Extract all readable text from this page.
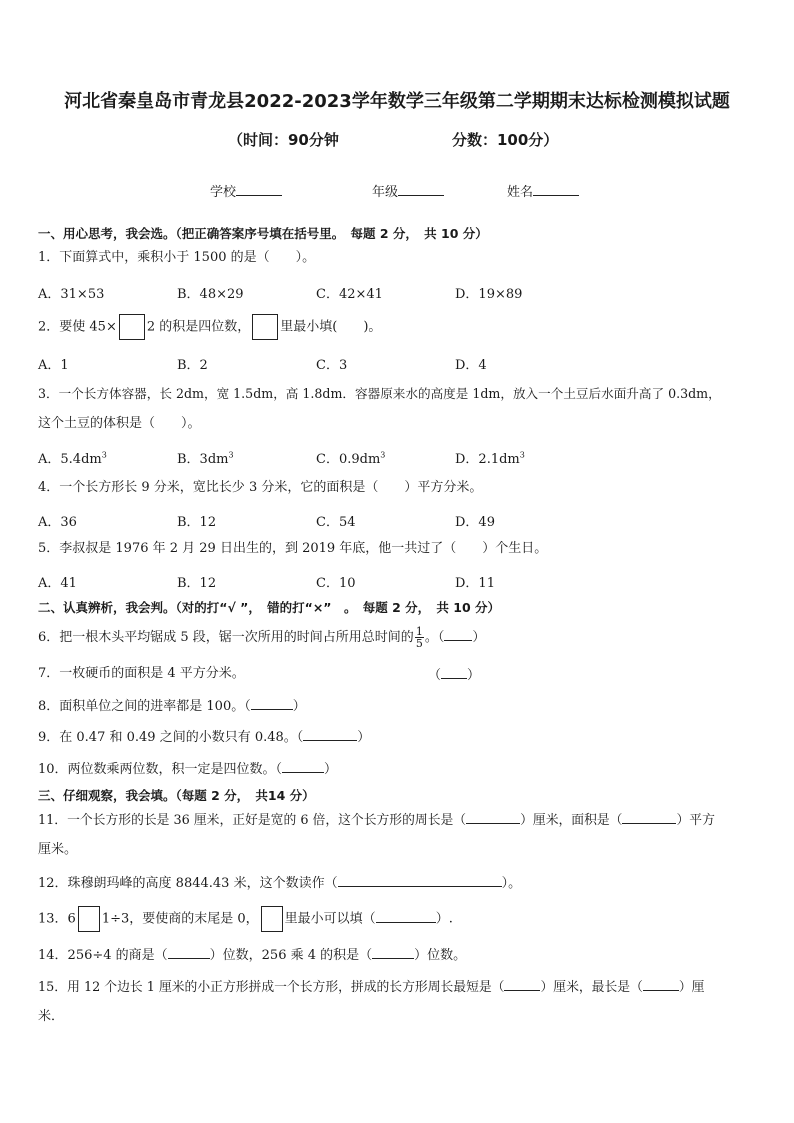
河北省秦皇岛市青龙县2022-2023学年数学三年级第二学期期末达标检测模拟试题
（时间：90分钟	分数：100分）
学校	年级	姓名
一、用心思考，我会选。（把正确答案序号填在括号里。　每题 2 分，　共 10 分）
1．下面算式中，乘积小于 1500 的是（　　）。
A．31×53	B．48×29	C．42×41	D．19×89
2．要使 45× 2 的积是四位数， 里最小填(　　)。
A．1	B．2	C．3	D．4
3．一个长方体容器，长 2dm，宽 1.5dm，高 1.8dm．容器原来水的高度是 1dm，放入一个土豆后水面升高了 0.3dm，
这个土豆的体积是（　　）。
A．$5.4dm^3$	B．$3dm^3$	C．$0.9dm^3$	D．$2.1dm^3$
4．一个长方形长 9 分米，宽比长少 3 分米，它的面积是（　　）平方分米。
A．36	B．12	C．54	D．49
5．李叔叔是 1976 年 2 月 29 日出生的，到 2019 年底，他一共过了（　　）个生日。
A．41	B．12	C．10	D．11
二、认真辨析，我会判。（对的打“√ ”，　错的打“×”　。　每题 2 分，　共 10 分）
6．把一根木头平均锯成 5 段，锯一次所用的时间占所用总时间的 $\frac{1}{5}$ 。（ ）
7．一枚硬币的面积是 4 平方分米。	（ ）
8．面积单位之间的进率都是 100。（	）
9．在 0.47 和 0.49 之间的小数只有 0.48。（	）
10．两位数乘两位数，积一定是四位数。（	）
三、仔细观察，我会填。（每题 2 分，　共14 分）
11．一个长方形的长是 36 厘米，正好是宽的 6 倍，这个长方形的周长是（	）厘米，面积是（	）平方
厘米。
12．珠穆朗玛峰的高度 8844.43 米，这个数读作（	）。
13．6 1÷3，要使商的末尾是 0， 里最小可以填（	）.
14．256÷4 的商是（	）位数，256 乘 4 的积是（	）位数。
15．用 12 个边长 1 厘米的小正方形拼成一个长方形，拼成的长方形周长最短是（	）厘米，最长是（	）厘
米．
